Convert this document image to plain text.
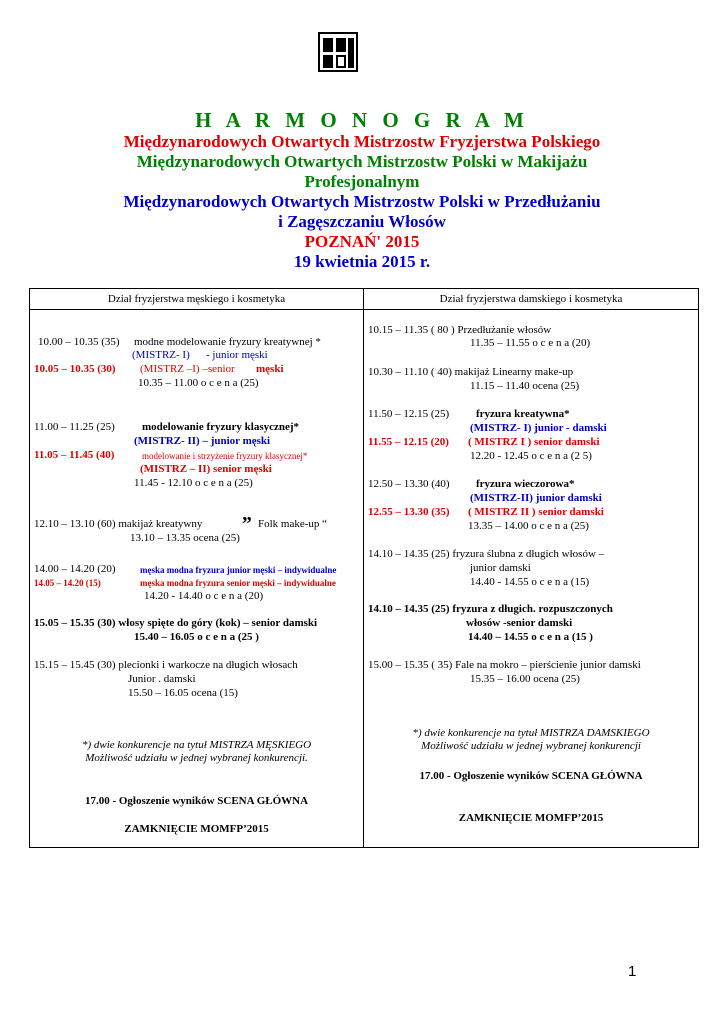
H A R M O N O G R A M
Międzynarodowych Otwartych Mistrzostw Fryzjerstwa Polskiego
Międzynarodowych Otwartych Mistrzostw Polski w Makijażu
Profesjonalnym
Międzynarodowych Otwartych Mistrzostw Polski w Przedłużaniu
i Zagęszczaniu Włosów
POZNAŃ' 2015
19 kwietnia 2015 r.
Dział fryzjerstwa męskiego i kosmetyka
10.00 – 10.35 (35) modne modelowanie fryzury kreatywnej *
(MISTRZ- I) - junior męski
10.05 – 10.35 (30) (MISTRZ –I) –senior męski
10.35 – 11.00 o c e n a (25)
11.00 – 11.25 (25) modelowanie fryzury klasycznej*
(MISTRZ- II) – junior męski
11.05 – 11.45 (40)	modelowanie i strzyżenie fryzury klasycznej*
(MISTRZ – II) senior męski
11.45 - 12.10 o c e n a (25)
12.10 – 13.10 (60) makijaż kreatywny „ Folk make-up “
13.10 – 13.35 ocena (25)
14.00 – 14.20 (20)	męska modna fryzura junior męski – indywidualne
14.05 – 14.20 (15)	męska modna fryzura senior męski – indywidualne
14.20 - 14.40 o c e n a (20)
15.05 – 15.35 (30) włosy spięte do góry (kok) – senior damski
15.40 – 16.05 o c e n a (25 )
15.15 – 15.45 (30) plecionki i warkocze na długich włosach
Junior . damski
15.50 – 16.05 ocena (15)
*) dwie konkurencje na tytuł MISTRZA MĘSKIEGO
Możliwość udziału w jednej wybranej konkurencji.
17.00 - Ogłoszenie wyników SCENA GŁÓWNA
ZAMKNIĘCIE MOMFP’2015

Dział fryzjerstwa damskiego i kosmetyka
10.15 – 11.35 ( 80 ) Przedłużanie włosów
11.35 – 11.55 o c e n a (20)
10.30 – 11.10 ( 40) makijaż Linearny make-up
11.15 – 11.40 ocena (25)
11.50 – 12.15 (25) fryzura kreatywna*
(MISTRZ- I) junior - damski
11.55 – 12.15 (20) ( MISTRZ I ) senior damski
12.20 - 12.45 o c e n a (2 5)
12.50 – 13.30 (40) fryzura wieczorowa*
(MISTRZ-II) junior damski
12.55 – 13.30 (35) ( MISTRZ II ) senior damski
13.35 – 14.00 o c e n a (25)
14.10 – 14.35 (25) fryzura ślubna z długich włosów –
junior damski
14.40 - 14.55 o c e n a (15)
14.10 – 14.35 (25) fryzura z długich. rozpuszczonych
włosów -senior damski
14.40 – 14.55 o c e n a (15 )
15.00 – 15.35 ( 35) Fale na mokro – pierścienie junior damski
15.35 – 16.00 ocena (25)
*) dwie konkurencje na tytuł MISTRZA DAMSKIEGO
Możliwość udziału w jednej wybranej konkurencji
17.00 - Ogłoszenie wyników SCENA GŁÓWNA
ZAMKNIĘCIE MOMFP’2015
1
